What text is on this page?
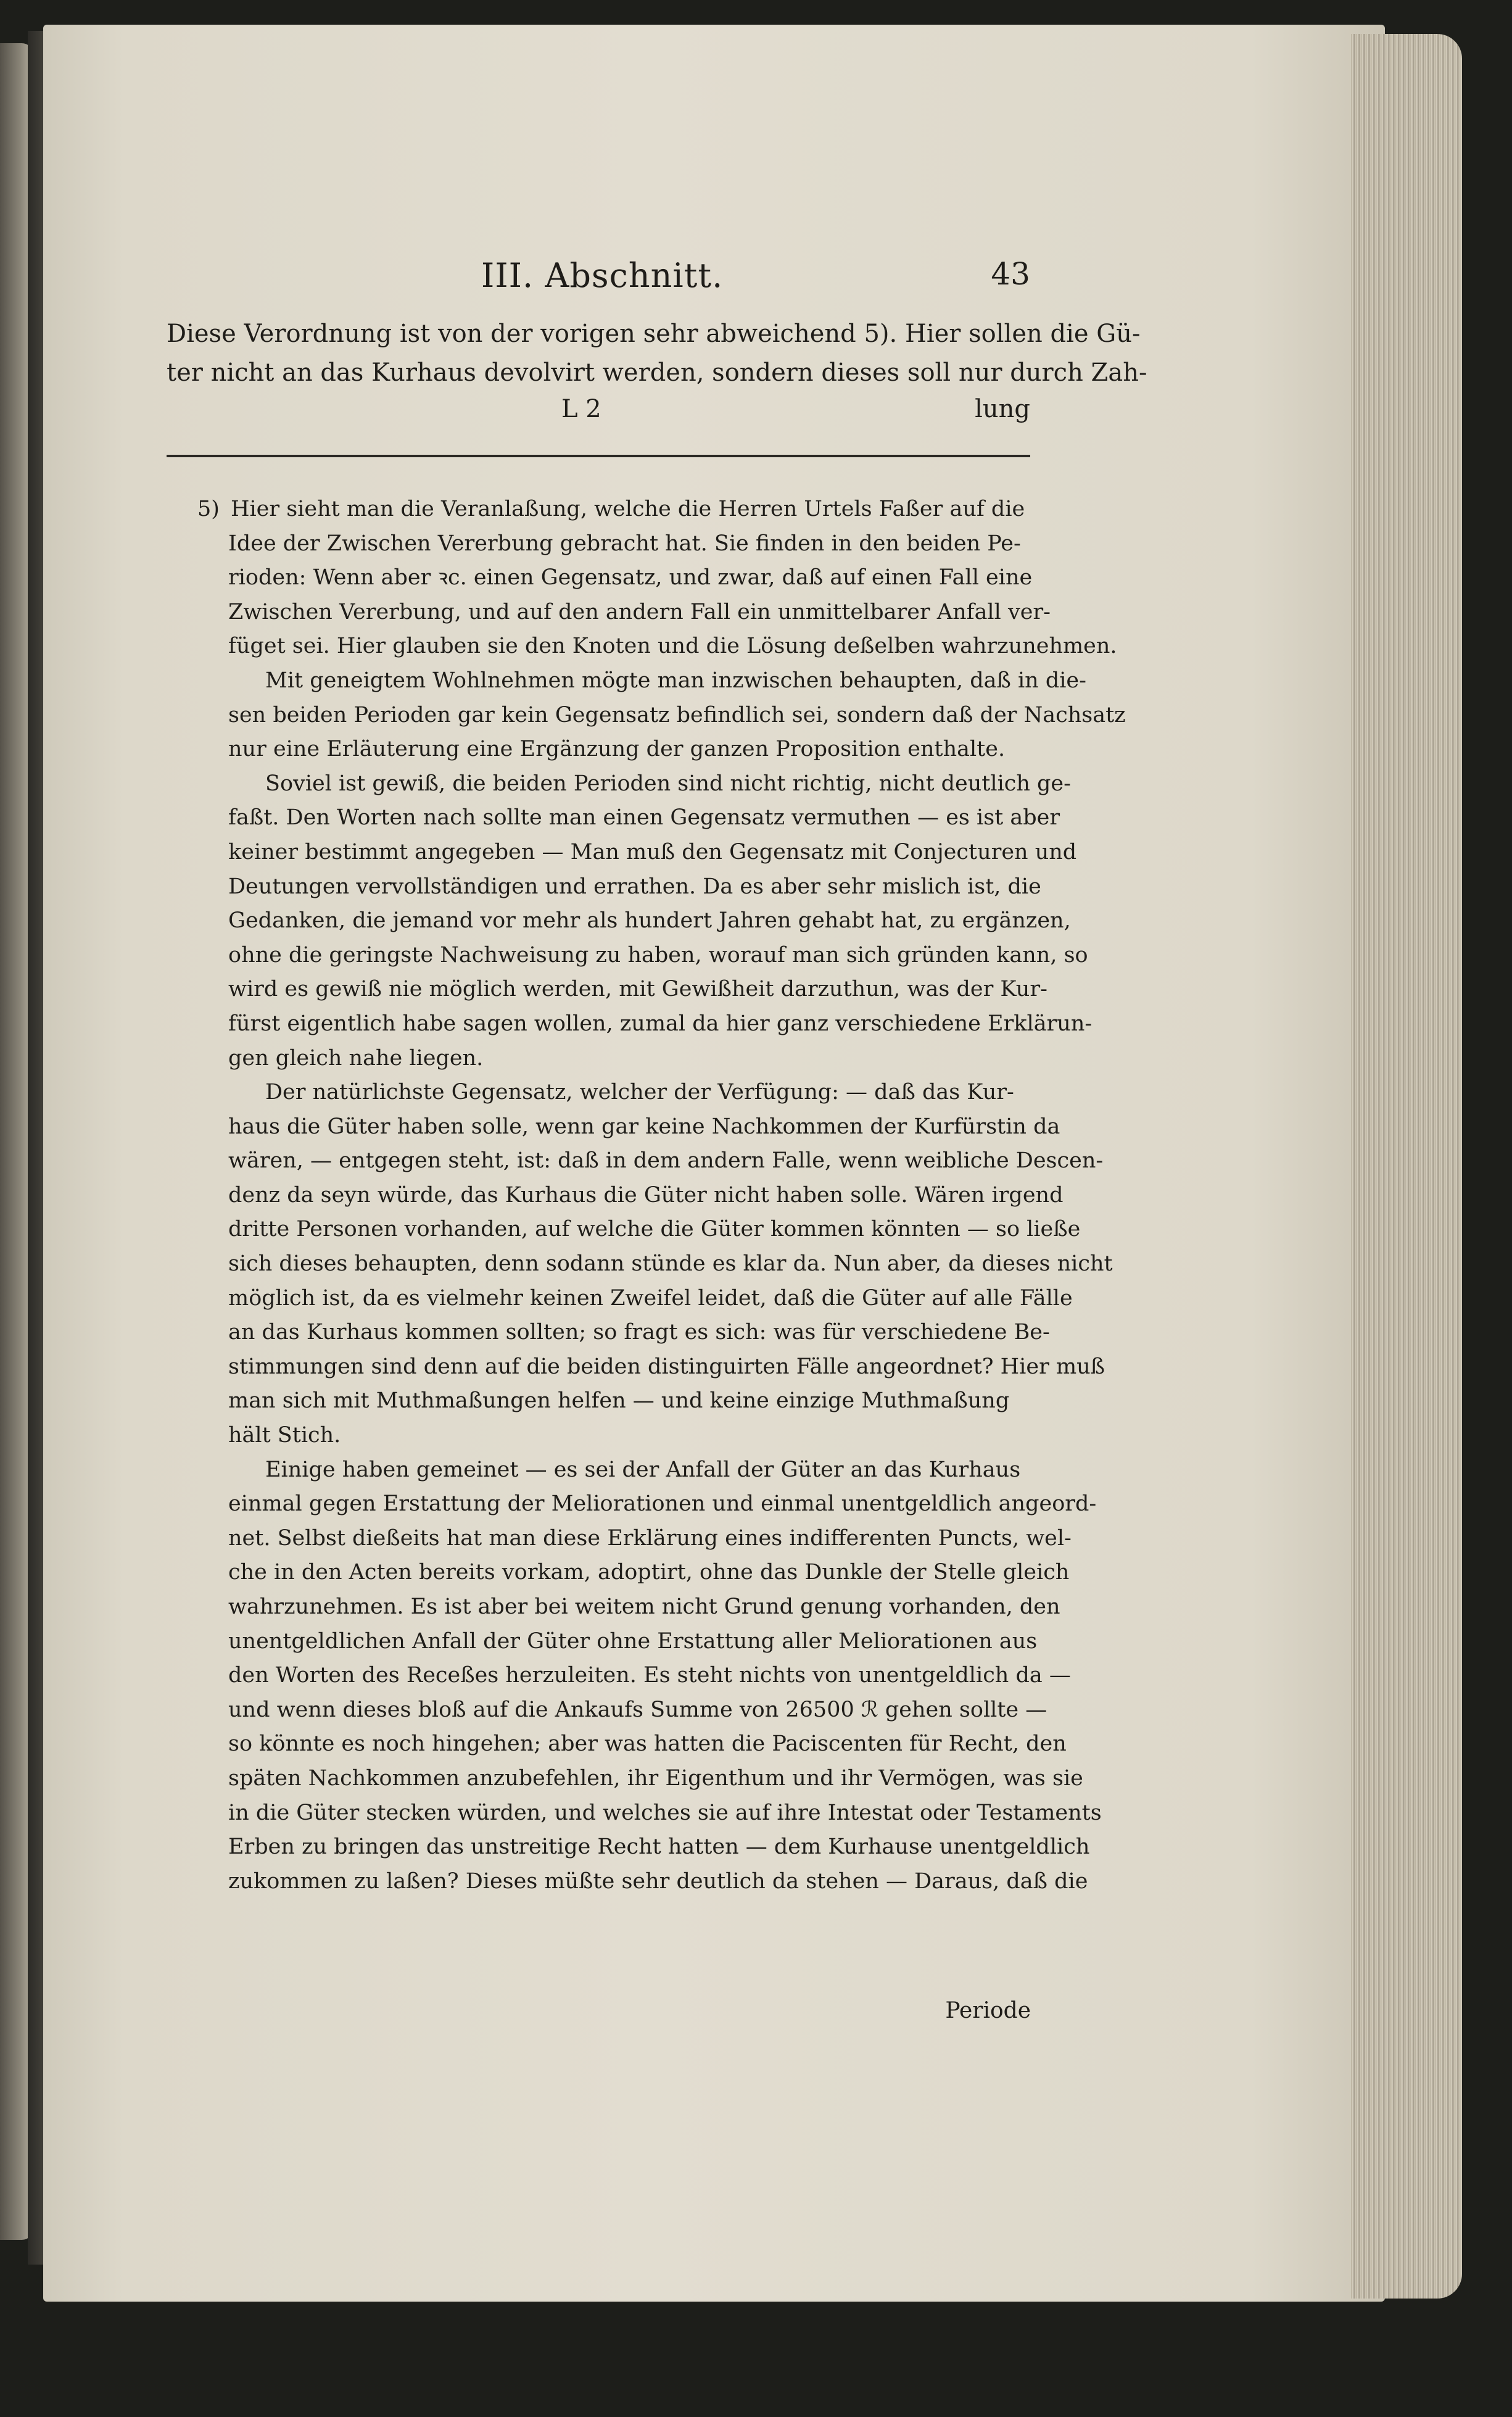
III. Abschnitt.	43
Diese Verordnung ist von der vorigen sehr abweichend 5). Hier sollen die Gü-
ter nicht an das Kurhaus devolvirt werden, sondern dieses soll nur durch Zah-
L 2	lung
5) Hier sieht man die Veranlaßung, welche die Herren Urtels Faßer auf die
Idee der Zwischen Vererbung gebracht hat. Sie finden in den beiden Pe-
rioden: Wenn aber ꝛc. einen Gegensatz, und zwar, daß auf einen Fall eine
Zwischen Vererbung, und auf den andern Fall ein unmittelbarer Anfall ver-
füget sei. Hier glauben sie den Knoten und die Lösung deßelben wahrzunehmen.
Mit geneigtem Wohlnehmen mögte man inzwischen behaupten, daß in die-
sen beiden Perioden gar kein Gegensatz befindlich sei, sondern daß der Nachsatz
nur eine Erläuterung eine Ergänzung der ganzen Proposition enthalte.
Soviel ist gewiß, die beiden Perioden sind nicht richtig, nicht deutlich ge-
faßt. Den Worten nach sollte man einen Gegensatz vermuthen — es ist aber
keiner bestimmt angegeben — Man muß den Gegensatz mit Conjecturen und
Deutungen vervollständigen und errathen. Da es aber sehr mislich ist, die
Gedanken, die jemand vor mehr als hundert Jahren gehabt hat, zu ergänzen,
ohne die geringste Nachweisung zu haben, worauf man sich gründen kann, so
wird es gewiß nie möglich werden, mit Gewißheit darzuthun, was der Kur-
fürst eigentlich habe sagen wollen, zumal da hier ganz verschiedene Erklärun-
gen gleich nahe liegen.
Der natürlichste Gegensatz, welcher der Verfügung: — daß das Kur-
haus die Güter haben solle, wenn gar keine Nachkommen der Kurfürstin da
wären, — entgegen steht, ist: daß in dem andern Falle, wenn weibliche Descen-
denz da seyn würde, das Kurhaus die Güter nicht haben solle. Wären irgend
dritte Personen vorhanden, auf welche die Güter kommen könnten — so ließe
sich dieses behaupten, denn sodann stünde es klar da. Nun aber, da dieses nicht
möglich ist, da es vielmehr keinen Zweifel leidet, daß die Güter auf alle Fälle
an das Kurhaus kommen sollten; so fragt es sich: was für verschiedene Be-
stimmungen sind denn auf die beiden distinguirten Fälle angeordnet? Hier muß
man sich mit Muthmaßungen helfen — und keine einzige Muthmaßung
hält Stich.
Einige haben gemeinet — es sei der Anfall der Güter an das Kurhaus
einmal gegen Erstattung der Meliorationen und einmal unentgeldlich angeord-
net. Selbst dießeits hat man diese Erklärung eines indifferenten Puncts, wel-
che in den Acten bereits vorkam, adoptirt, ohne das Dunkle der Stelle gleich
wahrzunehmen. Es ist aber bei weitem nicht Grund genung vorhanden, den
unentgeldlichen Anfall der Güter ohne Erstattung aller Meliorationen aus
den Worten des Receßes herzuleiten. Es steht nichts von unentgeldlich da —
und wenn dieses bloß auf die Ankaufs Summe von 26500 ℛ gehen sollte —
so könnte es noch hingehen; aber was hatten die Paciscenten für Recht, den
späten Nachkommen anzubefehlen, ihr Eigenthum und ihr Vermögen, was sie
in die Güter stecken würden, und welches sie auf ihre Intestat oder Testaments
Erben zu bringen das unstreitige Recht hatten — dem Kurhause unentgeldlich
zukommen zu laßen? Dieses müßte sehr deutlich da stehen — Daraus, daß die
Periode
